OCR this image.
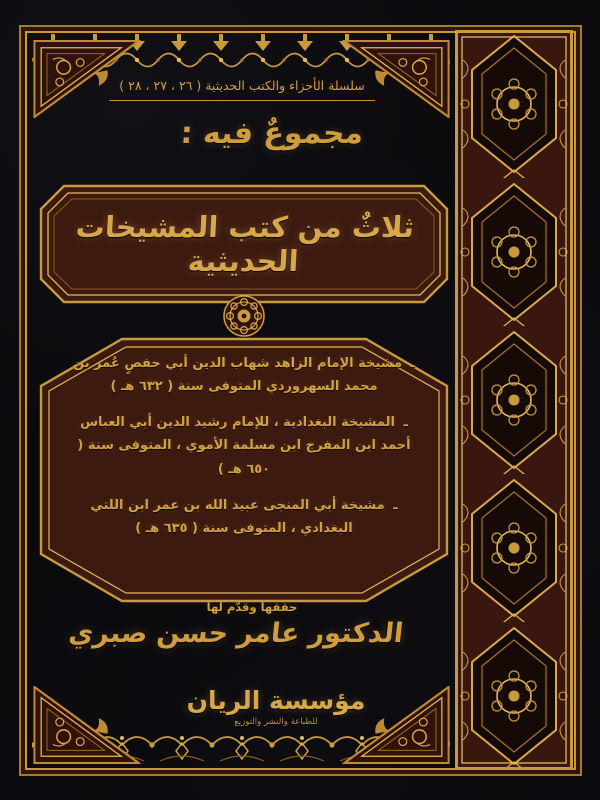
سلسلة الأجزاء والكتب الحديثية ( ٢٦ ، ٢٧ ، ٢٨ )
مجموعٌ فيه :
ثلاثٌ من كتب المشيخات الحديثية
ـ مشيخة الإمام الزاهد شهاب الدين أبي حفصٍ عُمر بن محمد السهروردي المتوفى سنة ( ٦٣٢ هـ )
ـ المشيخة البغدادية ، للإمام رشيد الدين أبي العباس أحمد ابن المفرج ابن مسلمة الأموي ، المتوفى سنة ( ٦٥٠ هـ )
ـ مشيخة أبي المنجى عبيد الله بن عمر ابن اللتي البغدادي ، المتوفى سنة ( ٦٣٥ هـ )
حققها وقدّم لها
الدكتور عامر حسن صبري
مؤسسة الريان
للطباعة والنشر والتوزيع
